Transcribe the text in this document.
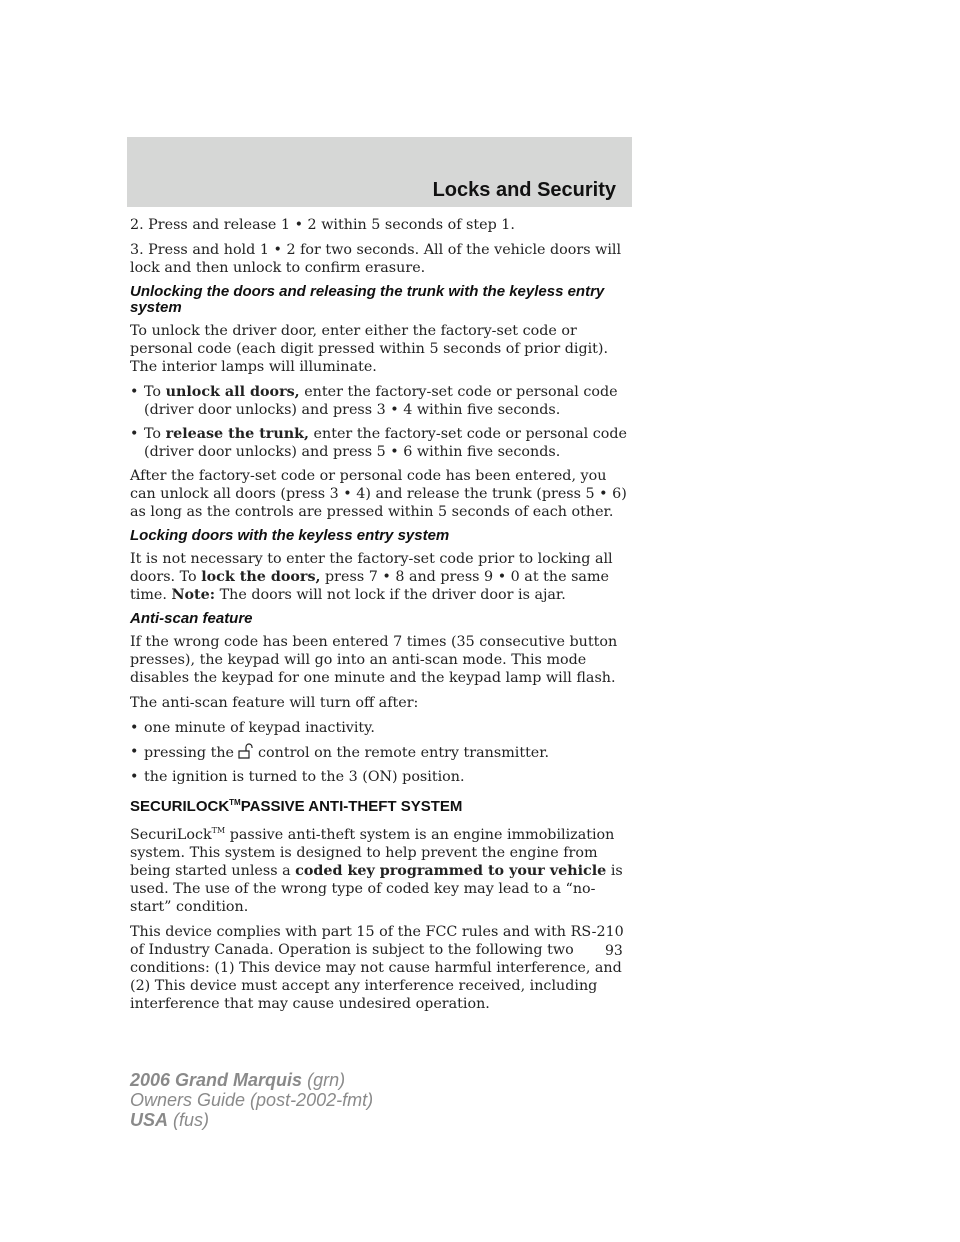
Locks and Security

2. Press and release 1 • 2 within 5 seconds of step 1.

3. Press and hold 1 • 2 for two seconds. All of the vehicle doors will lock and then unlock to confirm erasure.

Unlocking the doors and releasing the trunk with the keyless entry system

To unlock the driver door, enter either the factory-set code or personal code (each digit pressed within 5 seconds of prior digit). The interior lamps will illuminate.

• To unlock all doors, enter the factory-set code or personal code (driver door unlocks) and press 3 • 4 within five seconds.
• To release the trunk, enter the factory-set code or personal code (driver door unlocks) and press 5 • 6 within five seconds.

After the factory-set code or personal code has been entered, you can unlock all doors (press 3 • 4) and release the trunk (press 5 • 6) as long as the controls are pressed within 5 seconds of each other.

Locking doors with the keyless entry system

It is not necessary to enter the factory-set code prior to locking all doors. To lock the doors, press 7 • 8 and press 9 • 0 at the same time. Note: The doors will not lock if the driver door is ajar.

Anti-scan feature

If the wrong code has been entered 7 times (35 consecutive button presses), the keypad will go into an anti-scan mode. This mode disables the keypad for one minute and the keypad lamp will flash.

The anti-scan feature will turn off after:

• one minute of keypad inactivity.
• pressing the control on the remote entry transmitter.
• the ignition is turned to the 3 (ON) position.
SECURILOCK™PASSIVE ANTI-THEFT SYSTEM

SecuriLock™ passive anti-theft system is an engine immobilization system. This system is designed to help prevent the engine from being started unless a coded key programmed to your vehicle is used. The use of the wrong type of coded key may lead to a “no-start” condition.

This device complies with part 15 of the FCC rules and with RS-210 of Industry Canada. Operation is subject to the following two conditions: (1) This device may not cause harmful interference, and (2) This device must accept any interference received, including interference that may cause undesired operation.

93
2006 Grand Marquis (grn)
Owners Guide (post-2002-fmt)
USA (fus)
